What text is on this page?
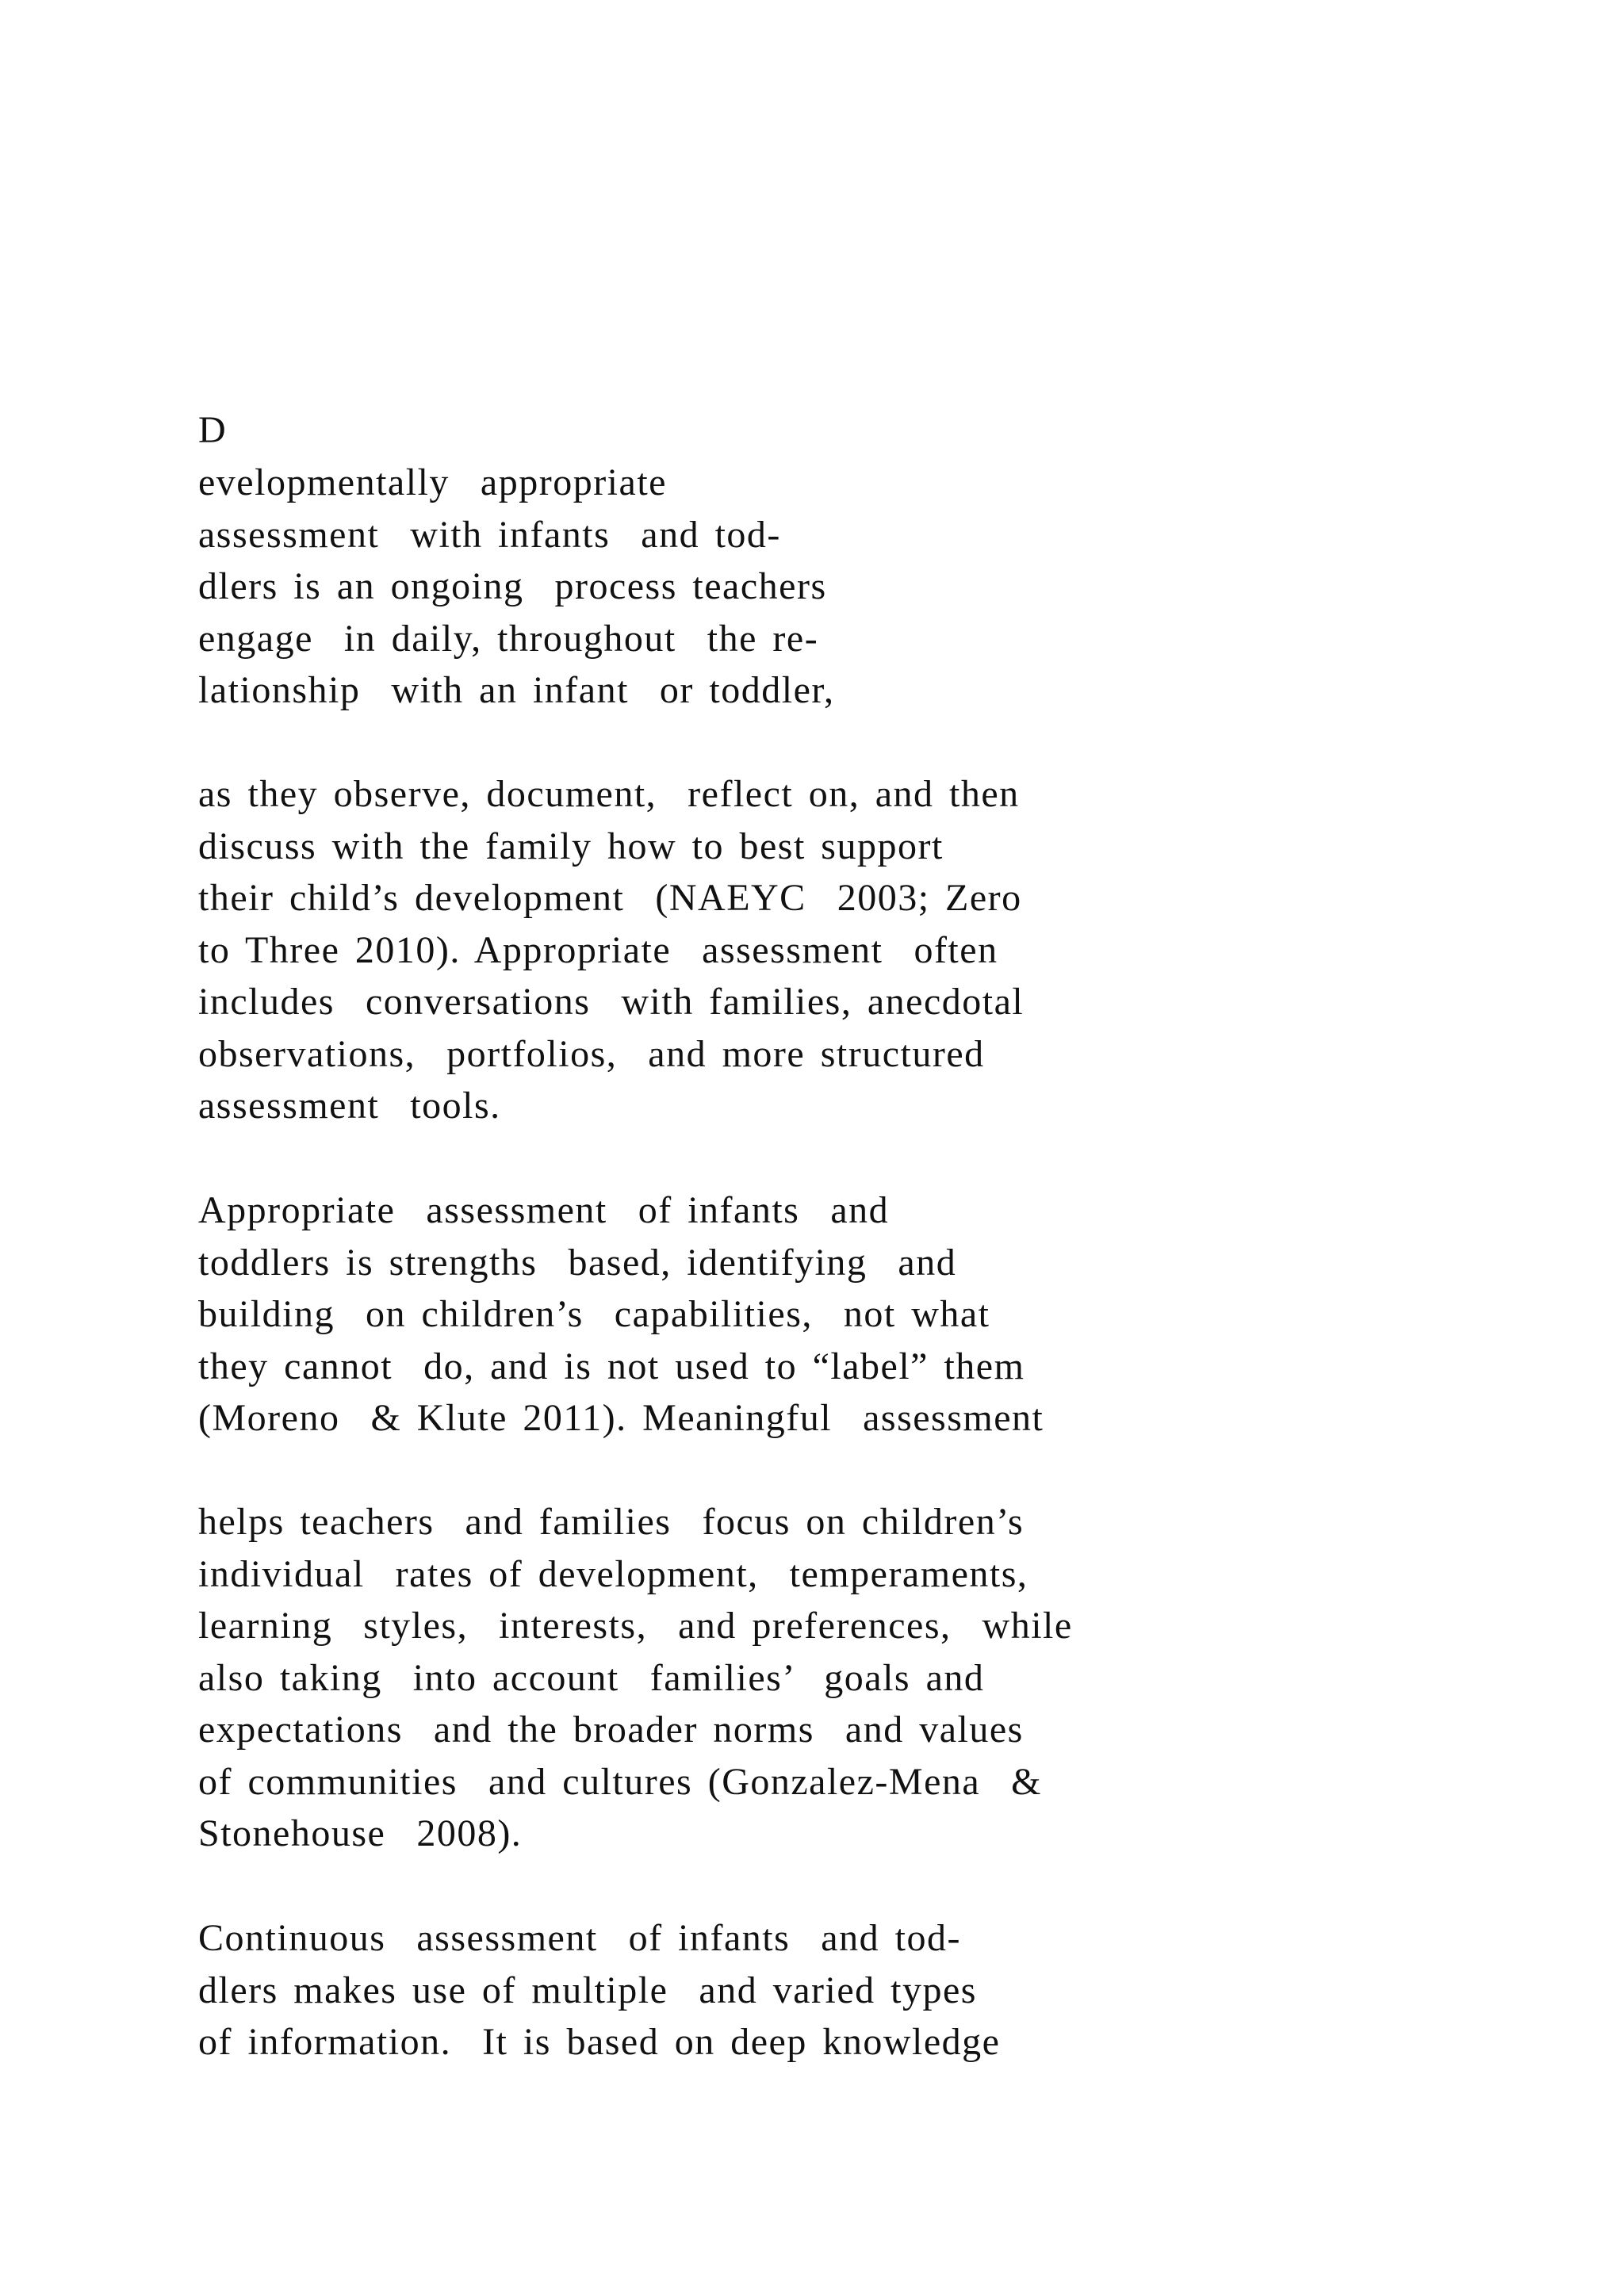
D

evelopmentally  appropriate
assessment  with infants  and tod-
dlers is an ongoing  process teachers
engage  in daily, throughout  the re-
lationship  with an infant  or toddler,

as they observe, document,  reflect on, and then
discuss with the family how to best support
their child’s development  (NAEYC  2003; Zero
to Three 2010). Appropriate  assessment  often
includes  conversations  with families, anecdotal
observations,  portfolios,  and more structured
assessment  tools.

Appropriate  assessment  of infants  and
toddlers is strengths  based, identifying  and
building  on children’s  capabilities,  not what
they cannot  do, and is not used to “label” them
(Moreno  & Klute 2011). Meaningful  assessment

helps teachers  and families  focus on children’s
individual  rates of development,  temperaments,
learning  styles,  interests,  and preferences,  while
also taking  into account  families’  goals and
expectations  and the broader norms  and values
of communities  and cultures (Gonzalez-Mena  &
Stonehouse  2008).

Continuous  assessment  of infants  and tod-
dlers makes use of multiple  and varied types
of information.  It is based on deep knowledge
